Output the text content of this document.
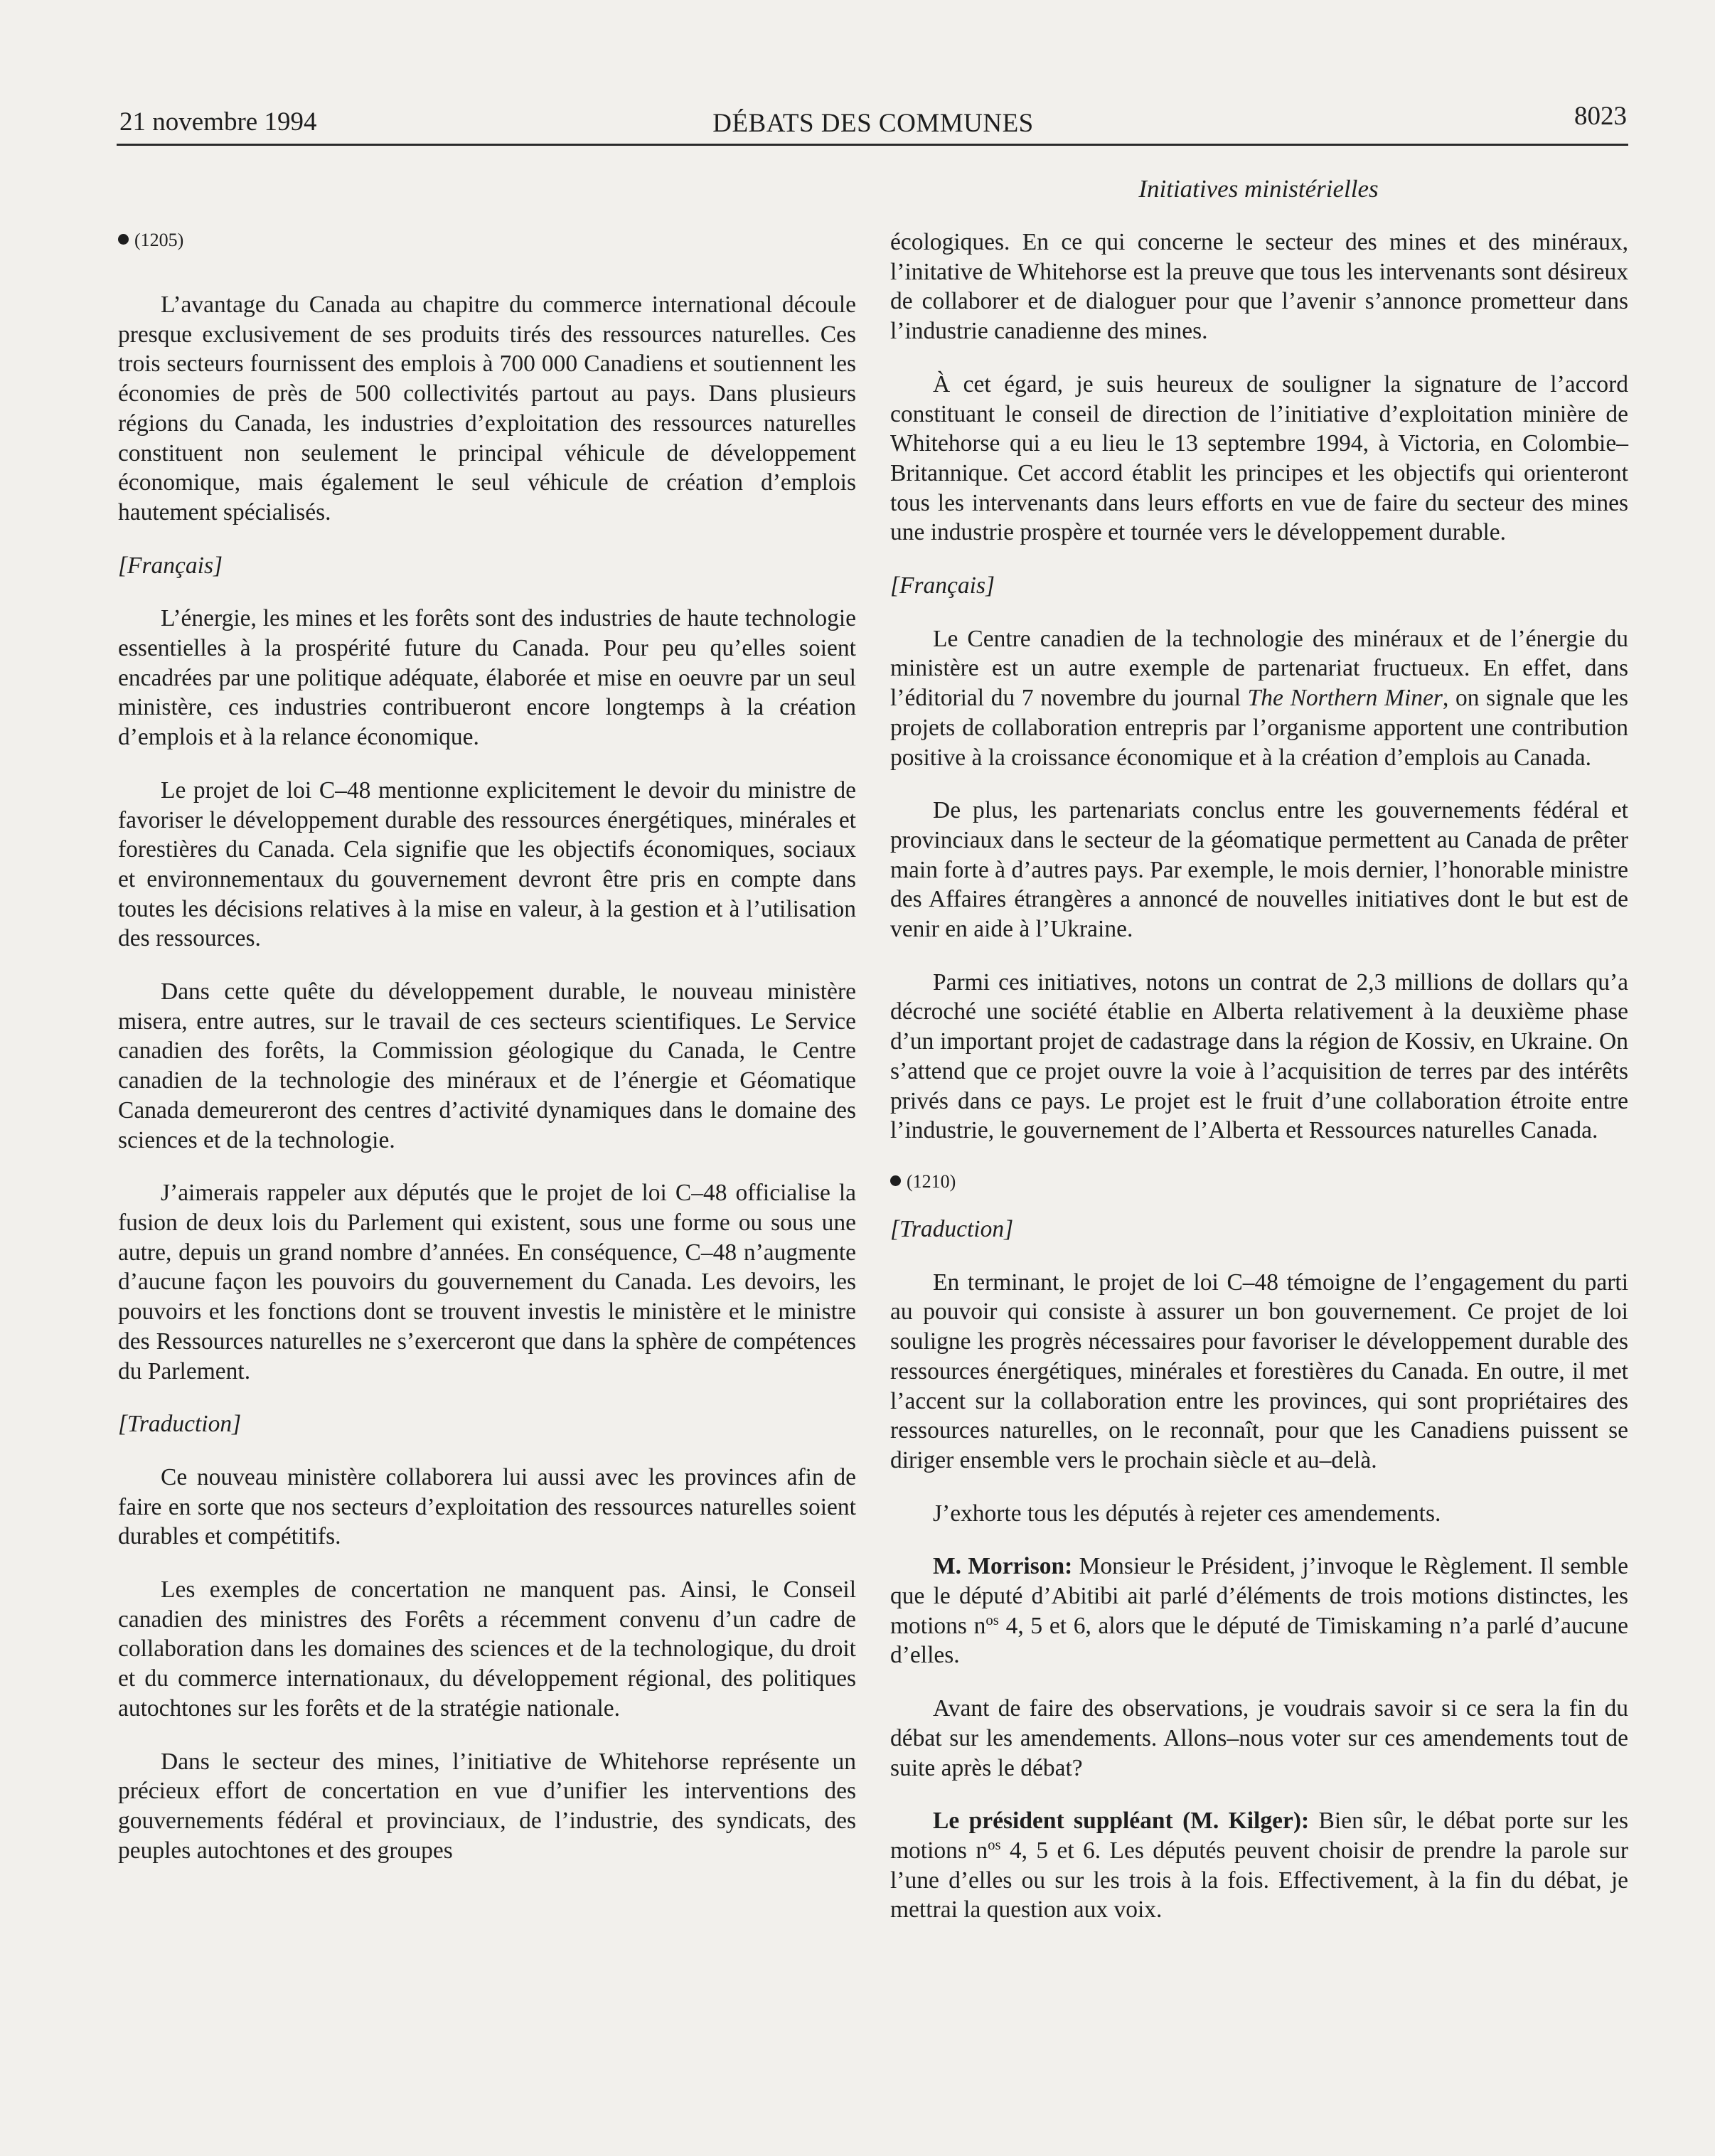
21 novembre 1994	DÉBATS DES COMMUNES	8023
Initiatives ministérielles
(1205)

L’avantage du Canada au chapitre du commerce international découle presque exclusivement de ses produits tirés des ressources naturelles. Ces trois secteurs fournissent des emplois à 700 000 Canadiens et soutiennent les économies de près de 500 collectivités partout au pays. Dans plusieurs régions du Canada, les industries d’exploitation des ressources naturelles constituent non seulement le principal véhicule de développement économique, mais également le seul véhicule de création d’emplois hautement spécialisés.

[Français]

L’énergie, les mines et les forêts sont des industries de haute technologie essentielles à la prospérité future du Canada. Pour peu qu’elles soient encadrées par une politique adéquate, élaborée et mise en oeuvre par un seul ministère, ces industries contribueront encore longtemps à la création d’emplois et à la relance économique.

Le projet de loi C–48 mentionne explicitement le devoir du ministre de favoriser le développement durable des ressources énergétiques, minérales et forestières du Canada. Cela signifie que les objectifs économiques, sociaux et environnementaux du gouvernement devront être pris en compte dans toutes les décisions relatives à la mise en valeur, à la gestion et à l’utilisation des ressources.

Dans cette quête du développement durable, le nouveau ministère misera, entre autres, sur le travail de ces secteurs scientifiques. Le Service canadien des forêts, la Commission géologique du Canada, le Centre canadien de la technologie des minéraux et de l’énergie et Géomatique Canada demeureront des centres d’activité dynamiques dans le domaine des sciences et de la technologie.

J’aimerais rappeler aux députés que le projet de loi C–48 officialise la fusion de deux lois du Parlement qui existent, sous une forme ou sous une autre, depuis un grand nombre d’années. En conséquence, C–48 n’augmente d’aucune façon les pouvoirs du gouvernement du Canada. Les devoirs, les pouvoirs et les fonctions dont se trouvent investis le ministère et le ministre des Ressources naturelles ne s’exerceront que dans la sphère de compétences du Parlement.

[Traduction]

Ce nouveau ministère collaborera lui aussi avec les provinces afin de faire en sorte que nos secteurs d’exploitation des ressources naturelles soient durables et compétitifs.

Les exemples de concertation ne manquent pas. Ainsi, le Conseil canadien des ministres des Forêts a récemment convenu d’un cadre de collaboration dans les domaines des sciences et de la technologique, du droit et du commerce internationaux, du développement régional, des politiques autochtones sur les forêts et de la stratégie nationale.

Dans le secteur des mines, l’initiative de Whitehorse représente un précieux effort de concertation en vue d’unifier les interventions des gouvernements fédéral et provinciaux, de l’industrie, des syndicats, des peuples autochtones et des groupes

écologiques. En ce qui concerne le secteur des mines et des minéraux, l’initative de Whitehorse est la preuve que tous les intervenants sont désireux de collaborer et de dialoguer pour que l’avenir s’annonce prometteur dans l’industrie canadienne des mines.

À cet égard, je suis heureux de souligner la signature de l’accord constituant le conseil de direction de l’initiative d’exploitation minière de Whitehorse qui a eu lieu le 13 septembre 1994, à Victoria, en Colombie–Britannique. Cet accord établit les principes et les objectifs qui orienteront tous les intervenants dans leurs efforts en vue de faire du secteur des mines une industrie prospère et tournée vers le développement durable.

[Français]

Le Centre canadien de la technologie des minéraux et de l’énergie du ministère est un autre exemple de partenariat fructueux. En effet, dans l’éditorial du 7 novembre du journal The Northern Miner, on signale que les projets de collaboration entrepris par l’organisme apportent une contribution positive à la croissance économique et à la création d’emplois au Canada.

De plus, les partenariats conclus entre les gouvernements fédéral et provinciaux dans le secteur de la géomatique permettent au Canada de prêter main forte à d’autres pays. Par exemple, le mois dernier, l’honorable ministre des Affaires étrangères a annoncé de nouvelles initiatives dont le but est de venir en aide à l’Ukraine.

Parmi ces initiatives, notons un contrat de 2,3 millions de dollars qu’a décroché une société établie en Alberta relativement à la deuxième phase d’un important projet de cadastrage dans la région de Kossiv, en Ukraine. On s’attend que ce projet ouvre la voie à l’acquisition de terres par des intérêts privés dans ce pays. Le projet est le fruit d’une collaboration étroite entre l’industrie, le gouvernement de l’Alberta et Ressources naturelles Canada.

(1210)
[Traduction]

En terminant, le projet de loi C–48 témoigne de l’engagement du parti au pouvoir qui consiste à assurer un bon gouvernement. Ce projet de loi souligne les progrès nécessaires pour favoriser le développement durable des ressources énergétiques, minérales et forestières du Canada. En outre, il met l’accent sur la collaboration entre les provinces, qui sont propriétaires des ressources naturelles, on le reconnaît, pour que les Canadiens puissent se diriger ensemble vers le prochain siècle et au–delà.

J’exhorte tous les députés à rejeter ces amendements.

M. Morrison: Monsieur le Président, j’invoque le Règlement. Il semble que le député d’Abitibi ait parlé d’éléments de trois motions distinctes, les motions $n^{os}$ 4, 5 et 6, alors que le député de Timiskaming n’a parlé d’aucune d’elles.

Avant de faire des observations, je voudrais savoir si ce sera la fin du débat sur les amendements. Allons–nous voter sur ces amendements tout de suite après le débat?

Le président suppléant (M. Kilger): Bien sûr, le débat porte sur les motions $n^{os}$ 4, 5 et 6. Les députés peuvent choisir de prendre la parole sur l’une d’elles ou sur les trois à la fois. Effectivement, à la fin du débat, je mettrai la question aux voix.
